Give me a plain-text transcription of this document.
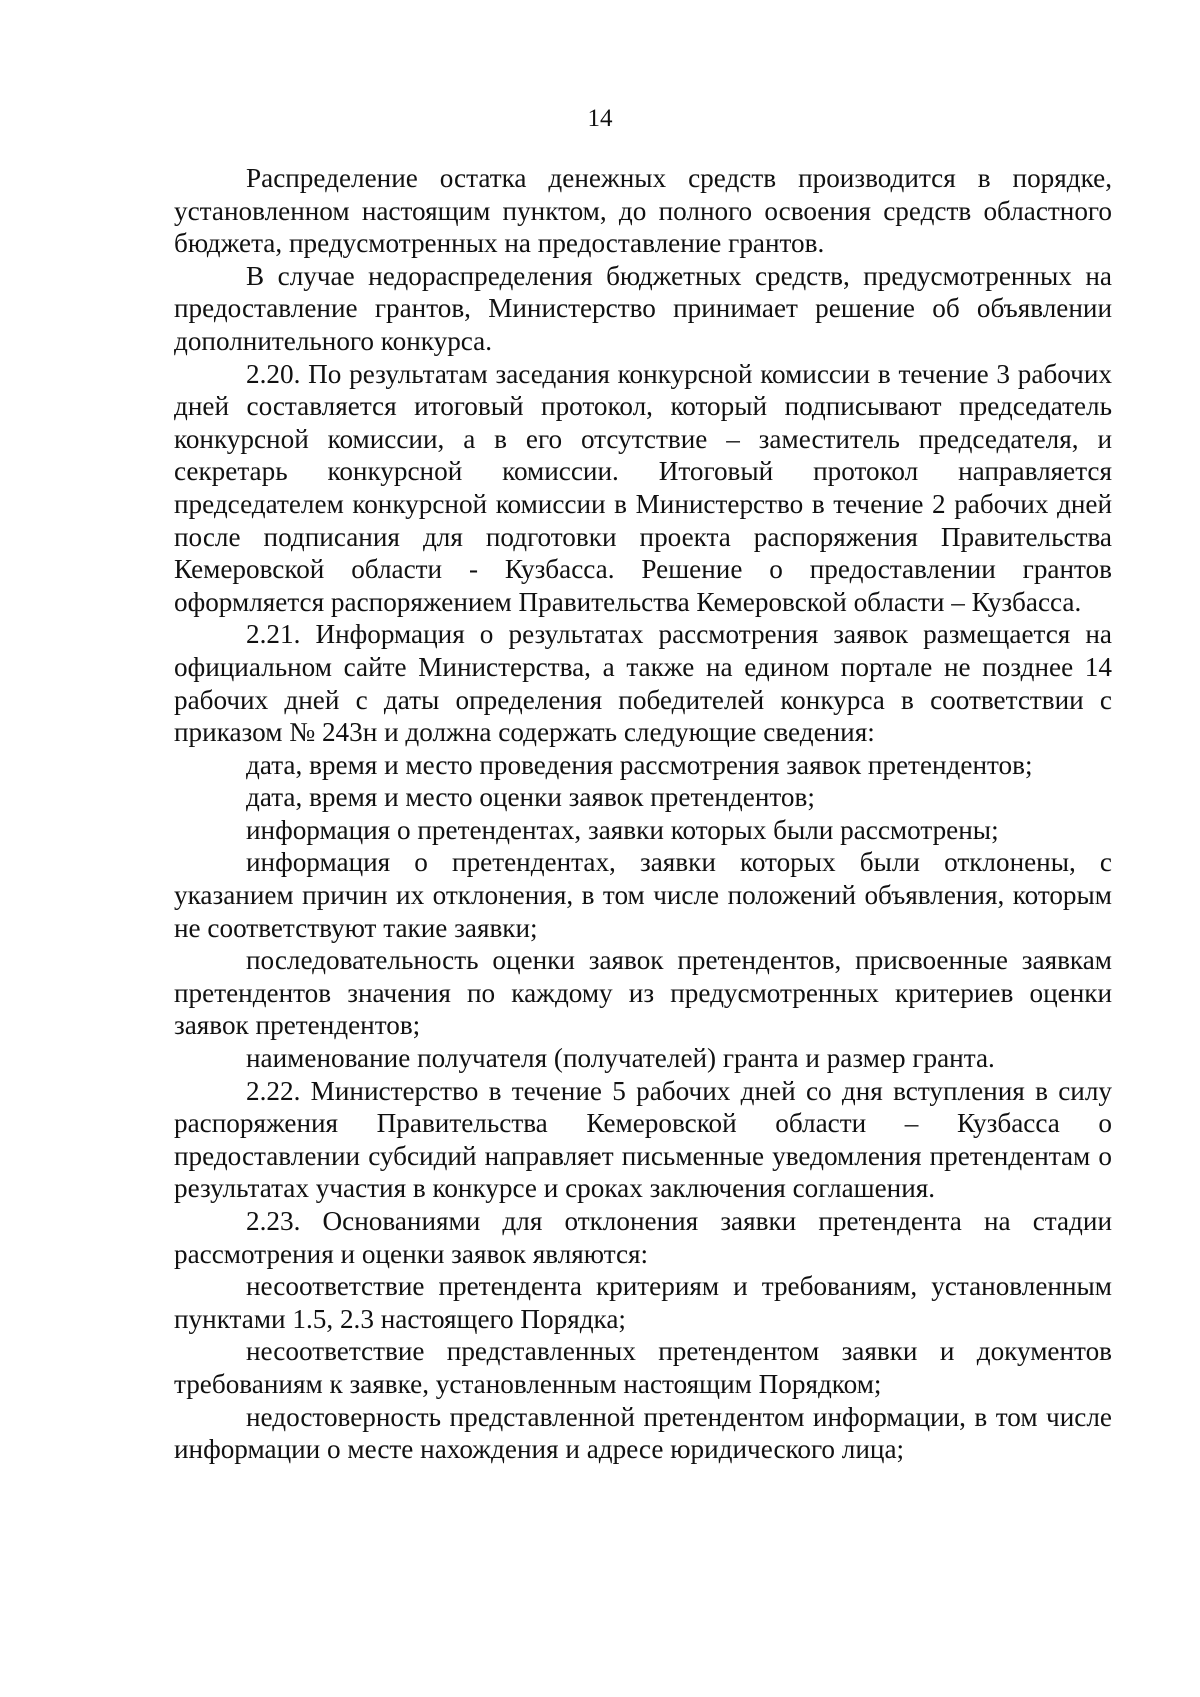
14

Распределение остатка денежных средств производится в порядке, установленном настоящим пунктом, до полного освоения средств областного бюджета, предусмотренных на предоставление грантов.

В случае недораспределения бюджетных средств, предусмотренных на предоставление грантов, Министерство принимает решение об объявлении дополнительного конкурса.

2.20. По результатам заседания конкурсной комиссии в течение 3 рабочих дней составляется итоговый протокол, который подписывают председатель конкурсной комиссии, а в его отсутствие – заместитель председателя, и секретарь конкурсной комиссии. Итоговый протокол направляется председателем конкурсной комиссии в Министерство в течение 2 рабочих дней после подписания для подготовки проекта распоряжения Правительства Кемеровской области - Кузбасса. Решение о предоставлении грантов оформляется распоряжением Правительства Кемеровской области – Кузбасса.

2.21. Информация о результатах рассмотрения заявок размещается на официальном сайте Министерства, а также на едином портале не позднее 14 рабочих дней с даты определения победителей конкурса в соответствии с приказом № 243н и должна содержать следующие сведения:

дата, время и место проведения рассмотрения заявок претендентов;

дата, время и место оценки заявок претендентов;

информация о претендентах, заявки которых были рассмотрены;

информация о претендентах, заявки которых были отклонены, с указанием причин их отклонения, в том числе положений объявления, которым не соответствуют такие заявки;

последовательность оценки заявок претендентов, присвоенные заявкам претендентов значения по каждому из предусмотренных критериев оценки заявок претендентов;

наименование получателя (получателей) гранта и размер гранта.

2.22. Министерство в течение 5 рабочих дней со дня вступления в силу распоряжения Правительства Кемеровской области – Кузбасса о предоставлении субсидий направляет письменные уведомления претендентам о результатах участия в конкурсе и сроках заключения соглашения.

2.23. Основаниями для отклонения заявки претендента на стадии рассмотрения и оценки заявок являются:

несоответствие претендента критериям и требованиям, установленным пунктами 1.5, 2.3 настоящего Порядка;

несоответствие представленных претендентом заявки и документов требованиям к заявке, установленным настоящим Порядком;

недостоверность представленной претендентом информации, в том числе информации о месте нахождения и адресе юридического лица;
